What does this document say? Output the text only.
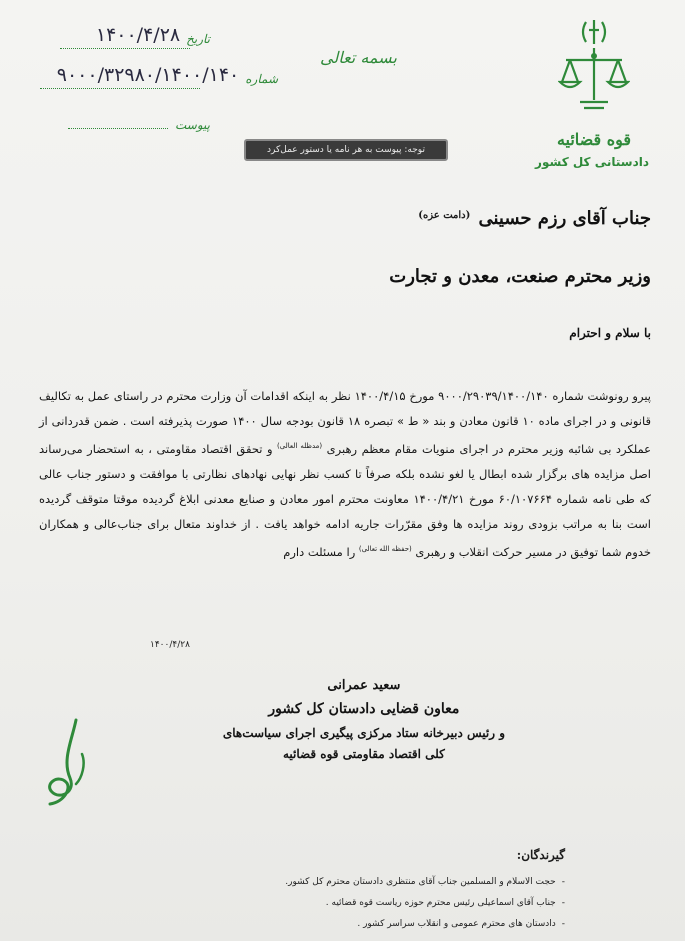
قوه قضائیه
دادستانی کل کشور
تاریخ
۱۴۰۰/۴/۲۸
شماره
۹۰۰۰/۳۲۹۸۰/۱۴۰۰/۱۴۰
پیوست
بسمه تعالی
توجه: پیوست به هر نامه یا دستور عمل‌کرد
جناب آقای رزم حسینی $^{(دامت عزه)}$
وزیر محترم صنعت، معدن و تجارت
با سلام و احترام
پیرو رونوشت شماره ۹۰۰۰/۲۹۰۳۹/۱۴۰۰/۱۴۰ مورخ ۱۴۰۰/۴/۱۵ نظر به اینکه اقدامات آن وزارت محترم در راستای عمل به تکالیف قانونی و در اجرای ماده ۱۰ قانون معادن و بند « ط » تبصره ۱۸ قانون بودجه سال ۱۴۰۰ صورت پذیرفته است . ضمن قدردانی از عملکرد بی شائبه وزیر محترم در اجرای منویات مقام معظم رهبری $^{(مدظله العالی)}$ و تحقق اقتصاد مقاومتی ، به استحضار می‌رساند اصل مزایده های برگزار شده ابطال یا لغو نشده بلکه صرفاً تا کسب نظر نهایی نهادهای نظارتی با موافقت و دستور جناب عالی که طی نامه شماره ۶۰/۱۰۷۶۶۴ مورخ ۱۴۰۰/۴/۲۱ معاونت محترم امور معادن و صنایع معدنی ابلاغ گردیده موقتا متوقف گردیده است بنا به مراتب بزودی روند مزایده ها وفق مقرّرات جاریه ادامه خواهد یافت . از خداوند متعال برای جناب‌عالی و همکاران خدوم شما توفیق در مسیر حرکت انقلاب و رهبری $^{(حفظه الله تعالی)}$ را مسئلت دارم
۱۴۰۰/۴/۲۸
سعید عمرانی
معاون قضایی دادستان کل کشور
و رئیس دبیرخانه ستاد مرکزی پیگیری اجرای سیاست‌های
کلی اقتصاد مقاومتی قوه قضائیه
گیرندگان:
- حجت الاسلام و المسلمین جناب آقای منتظری دادستان محترم کل کشور.
- جناب آقای اسماعیلی رئیس محترم حوزه ریاست قوه قضائیه .
- دادستان های محترم عمومی و انقلاب سراسر کشور .
